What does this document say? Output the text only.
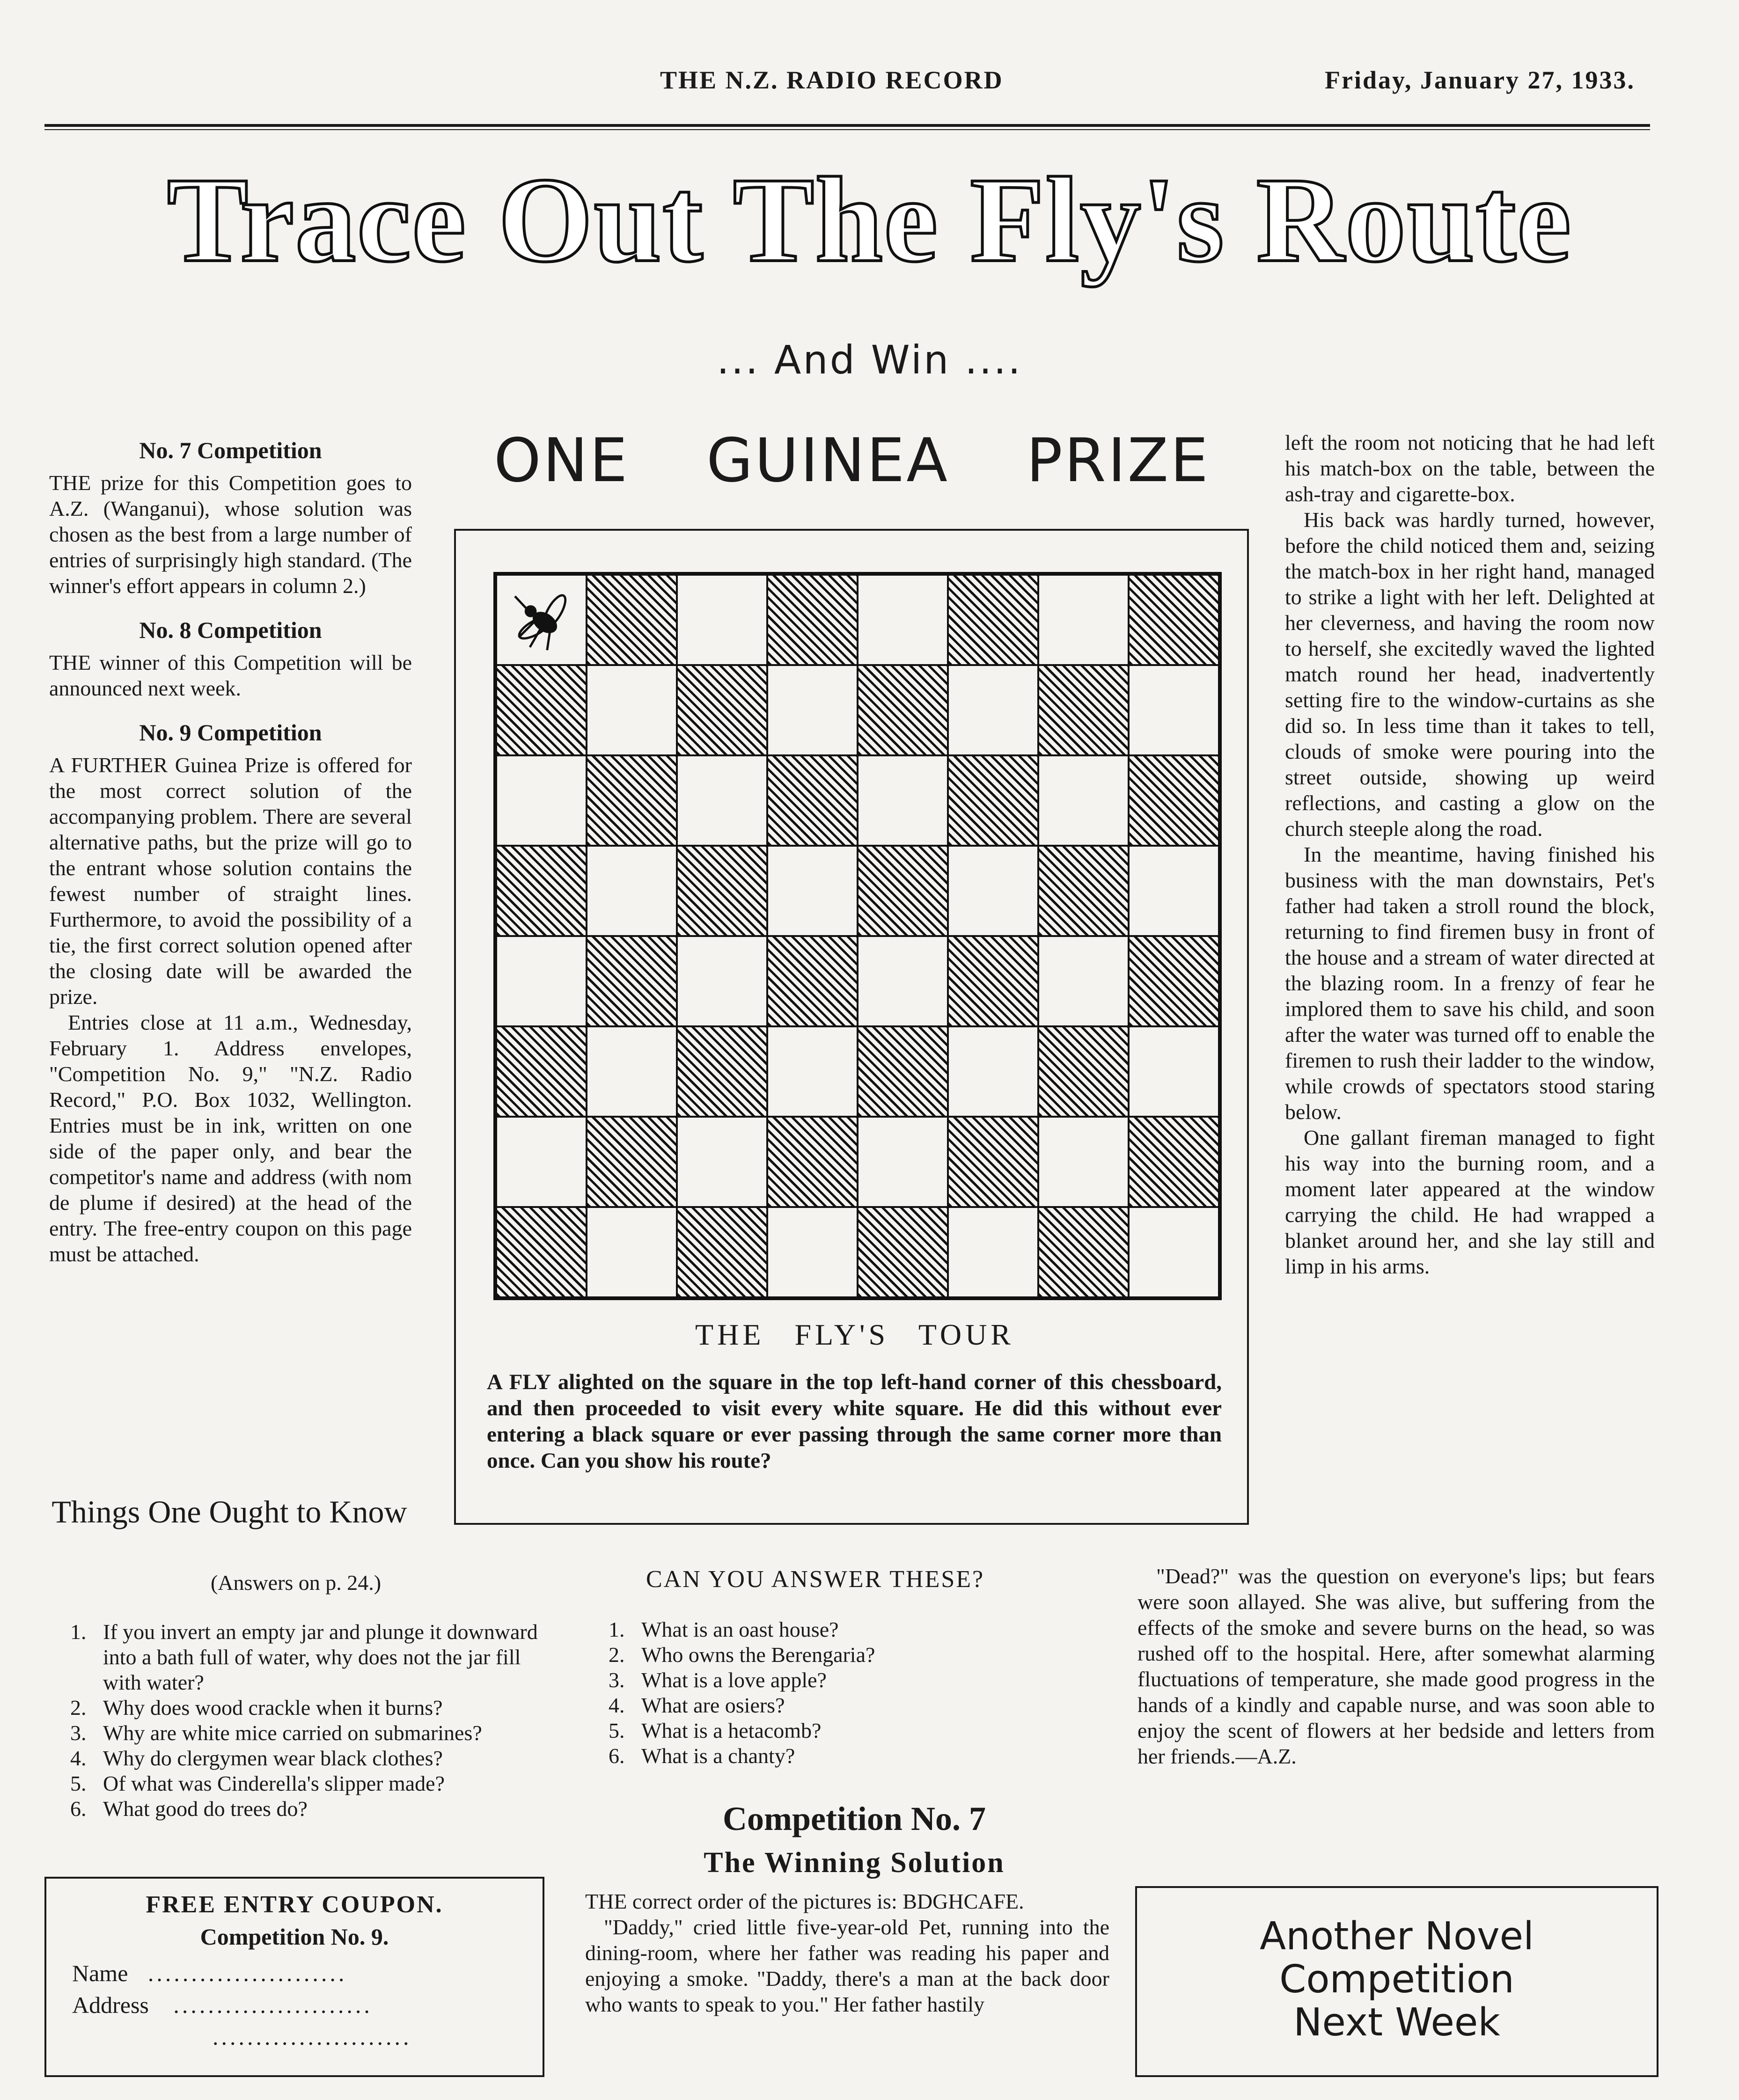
THE N.Z. RADIO RECORD	Friday, January 27, 1933.
Trace Out The Fly's Route
... And Win ....
ONE GUINEA PRIZE
No. 7 Competition

THE prize for this Competition goes to A.Z. (Wanganui), whose solution was chosen as the best from a large number of entries of surprisingly high standard. (The winner's effort appears in column 2.)

No. 8 Competition

THE winner of this Competition will be announced next week.

No. 9 Competition

A FURTHER Guinea Prize is offered for the most correct solution of the accompanying problem. There are several alternative paths, but the prize will go to the entrant whose solution contains the fewest number of straight lines. Furthermore, to avoid the possibility of a tie, the first correct solution opened after the closing date will be awarded the prize.

Entries close at 11 a.m., Wednesday, February 1. Address envelopes, "Competition No. 9," "N.Z. Radio Record," P.O. Box 1032, Wellington. Entries must be in ink, written on one side of the paper only, and bear the competitor's name and address (with nom de plume if desired) at the head of the entry. The free-entry coupon on this page must be attached.

Things One Ought to Know
(Answers on p. 24.)
1. If you invert an empty jar and plunge it downward into a bath full of water, why does not the jar fill with water?
2. Why does wood crackle when it burns?
3. Why are white mice carried on submarines?
4. Why do clergymen wear black clothes?
5. Of what was Cinderella's slipper made?
6. What good do trees do?
FREE ENTRY COUPON.
Competition No. 9.
Name .......................
Address .......................
.......................
THE FLY'S TOUR
A FLY alighted on the square in the top left-hand corner of this chessboard, and then proceeded to visit every white square. He did this without ever entering a black square or ever passing through the same corner more than once. Can you show his route?
CAN YOU ANSWER THESE?
1. What is an oast house?
2. Who owns the Berengaria?
3. What is a love apple?
4. What are osiers?
5. What is a hetacomb?
6. What is a chanty?
Competition No. 7
The Winning Solution

THE correct order of the pictures is: BDGHCAFE.

"Daddy," cried little five-year-old Pet, running into the dining-room, where her father was reading his paper and enjoying a smoke. "Daddy, there's a man at the back door who wants to speak to you." Her father hastily

left the room not noticing that he had left his match-box on the table, between the ash-tray and cigarette-box.

His back was hardly turned, however, before the child noticed them and, seizing the match-box in her right hand, managed to strike a light with her left. Delighted at her cleverness, and having the room now to herself, she excitedly waved the lighted match round her head, inadvertently setting fire to the window-curtains as she did so. In less time than it takes to tell, clouds of smoke were pouring into the street outside, showing up weird reflections, and casting a glow on the church steeple along the road.

In the meantime, having finished his business with the man downstairs, Pet's father had taken a stroll round the block, returning to find firemen busy in front of the house and a stream of water directed at the blazing room. In a frenzy of fear he implored them to save his child, and soon after the water was turned off to enable the firemen to rush their ladder to the window, while crowds of spectators stood staring below.

One gallant fireman managed to fight his way into the burning room, and a moment later appeared at the window carrying the child. He had wrapped a blanket around her, and she lay still and limp in his arms.

"Dead?" was the question on everyone's lips; but fears were soon allayed. She was alive, but suffering from the effects of the smoke and severe burns on the head, so was rushed off to the hospital. Here, after somewhat alarming fluctuations of temperature, she made good progress in the hands of a kindly and capable nurse, and was soon able to enjoy the scent of flowers at her bedside and letters from her friends.—A.Z.

Another Novel
Competition
Next Week
